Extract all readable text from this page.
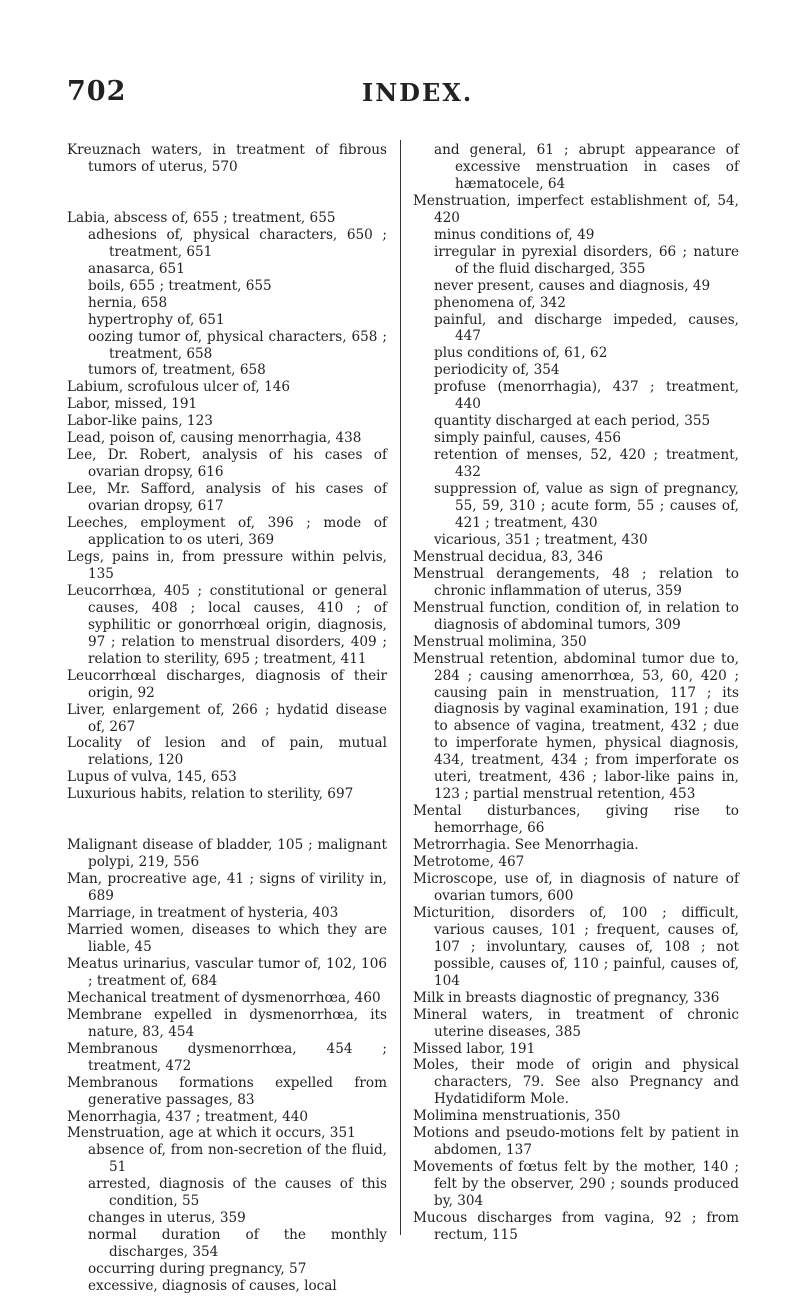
702	INDEX.

Kreuznach waters, in treatment of fibrous tumors of uterus, 570

Labia, abscess of, 655 ; treatment, 655

adhesions of, physical characters, 650 ; treatment, 651

anasarca, 651

boils, 655 ; treatment, 655

hernia, 658

hypertrophy of, 651

oozing tumor of, physical characters, 658 ; treatment, 658

tumors of, treatment, 658

Labium, scrofulous ulcer of, 146

Labor, missed, 191

Labor-like pains, 123

Lead, poison of, causing menorrhagia, 438

Lee, Dr. Robert, analysis of his cases of ovarian dropsy, 616

Lee, Mr. Safford, analysis of his cases of ovarian dropsy, 617

Leeches, employment of, 396 ; mode of application to os uteri, 369

Legs, pains in, from pressure within pelvis, 135

Leucorrhœa, 405 ; constitutional or general causes, 408 ; local causes, 410 ; of syphilitic or gonorrhœal origin, diagnosis, 97 ; relation to menstrual disorders, 409 ; relation to sterility, 695 ; treatment, 411

Leucorrhœal discharges, diagnosis of their origin, 92

Liver, enlargement of, 266 ; hydatid disease of, 267

Locality of lesion and of pain, mutual relations, 120

Lupus of vulva, 145, 653

Luxurious habits, relation to sterility, 697

Malignant disease of bladder, 105 ; malignant polypi, 219, 556

Man, procreative age, 41 ; signs of virility in, 689

Marriage, in treatment of hysteria, 403

Married women, diseases to which they are liable, 45

Meatus urinarius, vascular tumor of, 102, 106 ; treatment of, 684

Mechanical treatment of dysmenorrhœa, 460

Membrane expelled in dysmenorrhœa, its nature, 83, 454

Membranous dysmenorrhœa, 454 ; treatment, 472

Membranous formations expelled from generative passages, 83

Menorrhagia, 437 ; treatment, 440

Menstruation, age at which it occurs, 351

absence of, from non-secretion of the fluid, 51

arrested, diagnosis of the causes of this condition, 55

changes in uterus, 359

normal duration of the monthly discharges, 354

occurring during pregnancy, 57

excessive, diagnosis of causes, local

and general, 61 ; abrupt appearance of excessive menstruation in cases of hæmatocele, 64

Menstruation, imperfect establishment of, 54, 420

minus conditions of, 49

irregular in pyrexial disorders, 66 ; nature of the fluid discharged, 355

never present, causes and diagnosis, 49

phenomena of, 342

painful, and discharge impeded, causes, 447

plus conditions of, 61, 62

periodicity of, 354

profuse (menorrhagia), 437 ; treatment, 440

quantity discharged at each period, 355

simply painful, causes, 456

retention of menses, 52, 420 ; treatment, 432

suppression of, value as sign of pregnancy, 55, 59, 310 ; acute form, 55 ; causes of, 421 ; treatment, 430

vicarious, 351 ; treatment, 430

Menstrual decidua, 83, 346

Menstrual derangements, 48 ; relation to chronic inflammation of uterus, 359

Menstrual function, condition of, in relation to diagnosis of abdominal tumors, 309

Menstrual molimina, 350

Menstrual retention, abdominal tumor due to, 284 ; causing amenorrhœa, 53, 60, 420 ; causing pain in menstruation, 117 ; its diagnosis by vaginal examination, 191 ; due to absence of vagina, treatment, 432 ; due to imperforate hymen, physical diagnosis, 434, treatment, 434 ; from imperforate os uteri, treatment, 436 ; labor-like pains in, 123 ; partial menstrual retention, 453

Mental disturbances, giving rise to hemorrhage, 66

Metrorrhagia. See Menorrhagia.

Metrotome, 467

Microscope, use of, in diagnosis of nature of ovarian tumors, 600

Micturition, disorders of, 100 ; difficult, various causes, 101 ; frequent, causes of, 107 ; involuntary, causes of, 108 ; not possible, causes of, 110 ; painful, causes of, 104

Milk in breasts diagnostic of pregnancy, 336

Mineral waters, in treatment of chronic uterine diseases, 385

Missed labor, 191

Moles, their mode of origin and physical characters, 79. See also Pregnancy and Hydatidiform Mole.

Molimina menstruationis, 350

Motions and pseudo-motions felt by patient in abdomen, 137

Movements of fœtus felt by the mother, 140 ; felt by the observer, 290 ; sounds produced by, 304

Mucous discharges from vagina, 92 ; from rectum, 115
